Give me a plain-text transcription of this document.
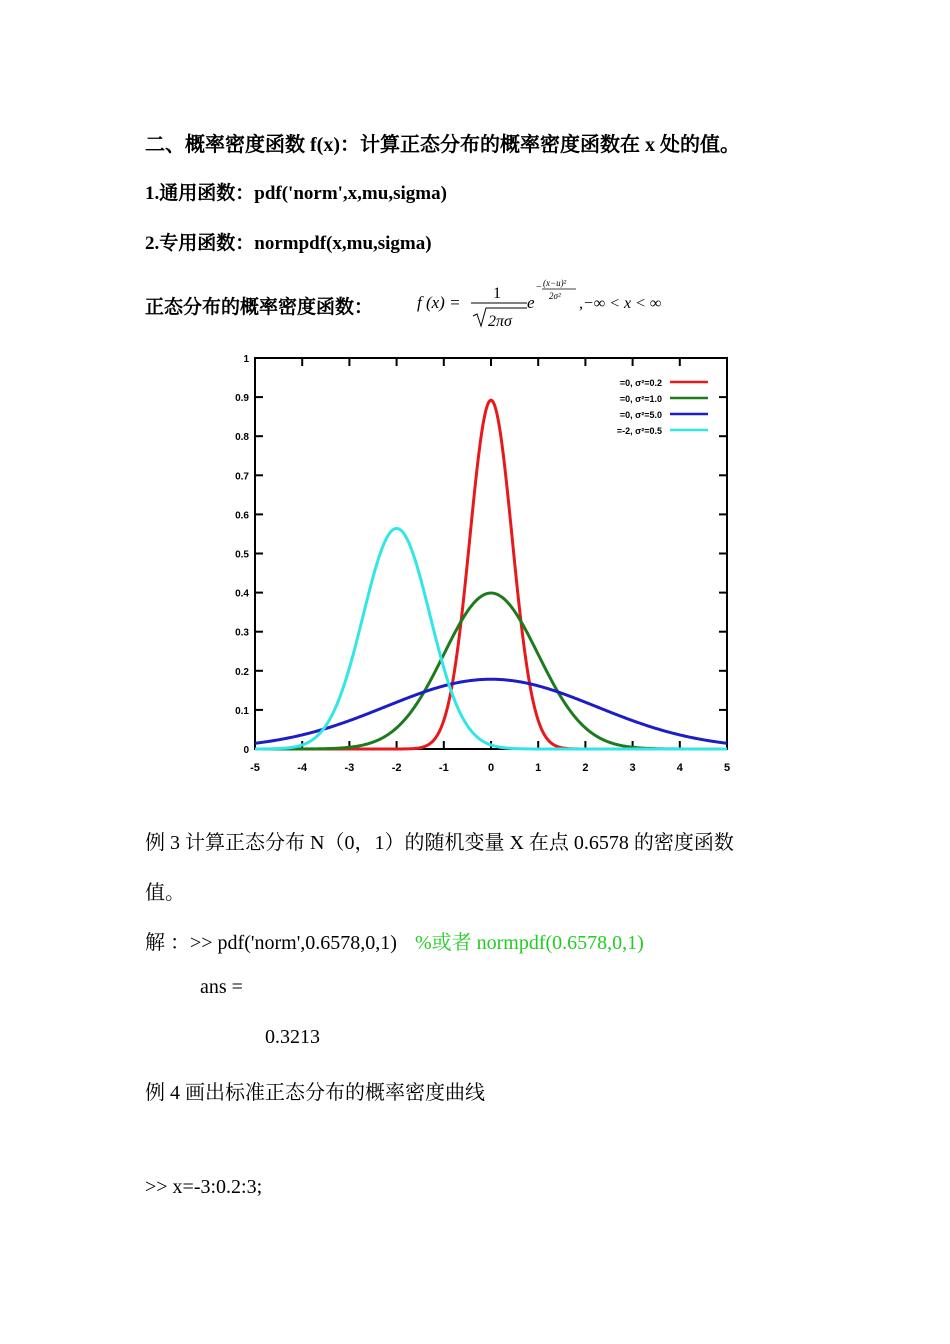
二、概率密度函数 f(x)：计算正态分布的概率密度函数在 x 处的值。
1.通用函数：pdf('norm',x,mu,sigma)
2.专用函数：normpdf(x,mu,sigma)
正态分布的概率密度函数：	f (x) = 1
2πσ
e
− (x−u)²
2σ² ,−∞ < x < ∞
-5	-4	-3	-2	-1	0	1	2	3	4	5
0
0.1
0.2
0.3
0.4
0.5
0.6
0.7
0.8
0.9
1
=0, σ²=0.2
=0, σ²=1.0
=0, σ²=5.0
=-2, σ²=0.5
例 3 计算正态分布 N（0，1）的随机变量 X 在点 0.6578 的密度函数
值。
解 ：>> pdf('norm',0.6578,0,1) %或者 normpdf(0.6578,0,1)
ans =
0.3213
例 4 画出标准正态分布的概率密度曲线
>> x=-3:0.2:3;
